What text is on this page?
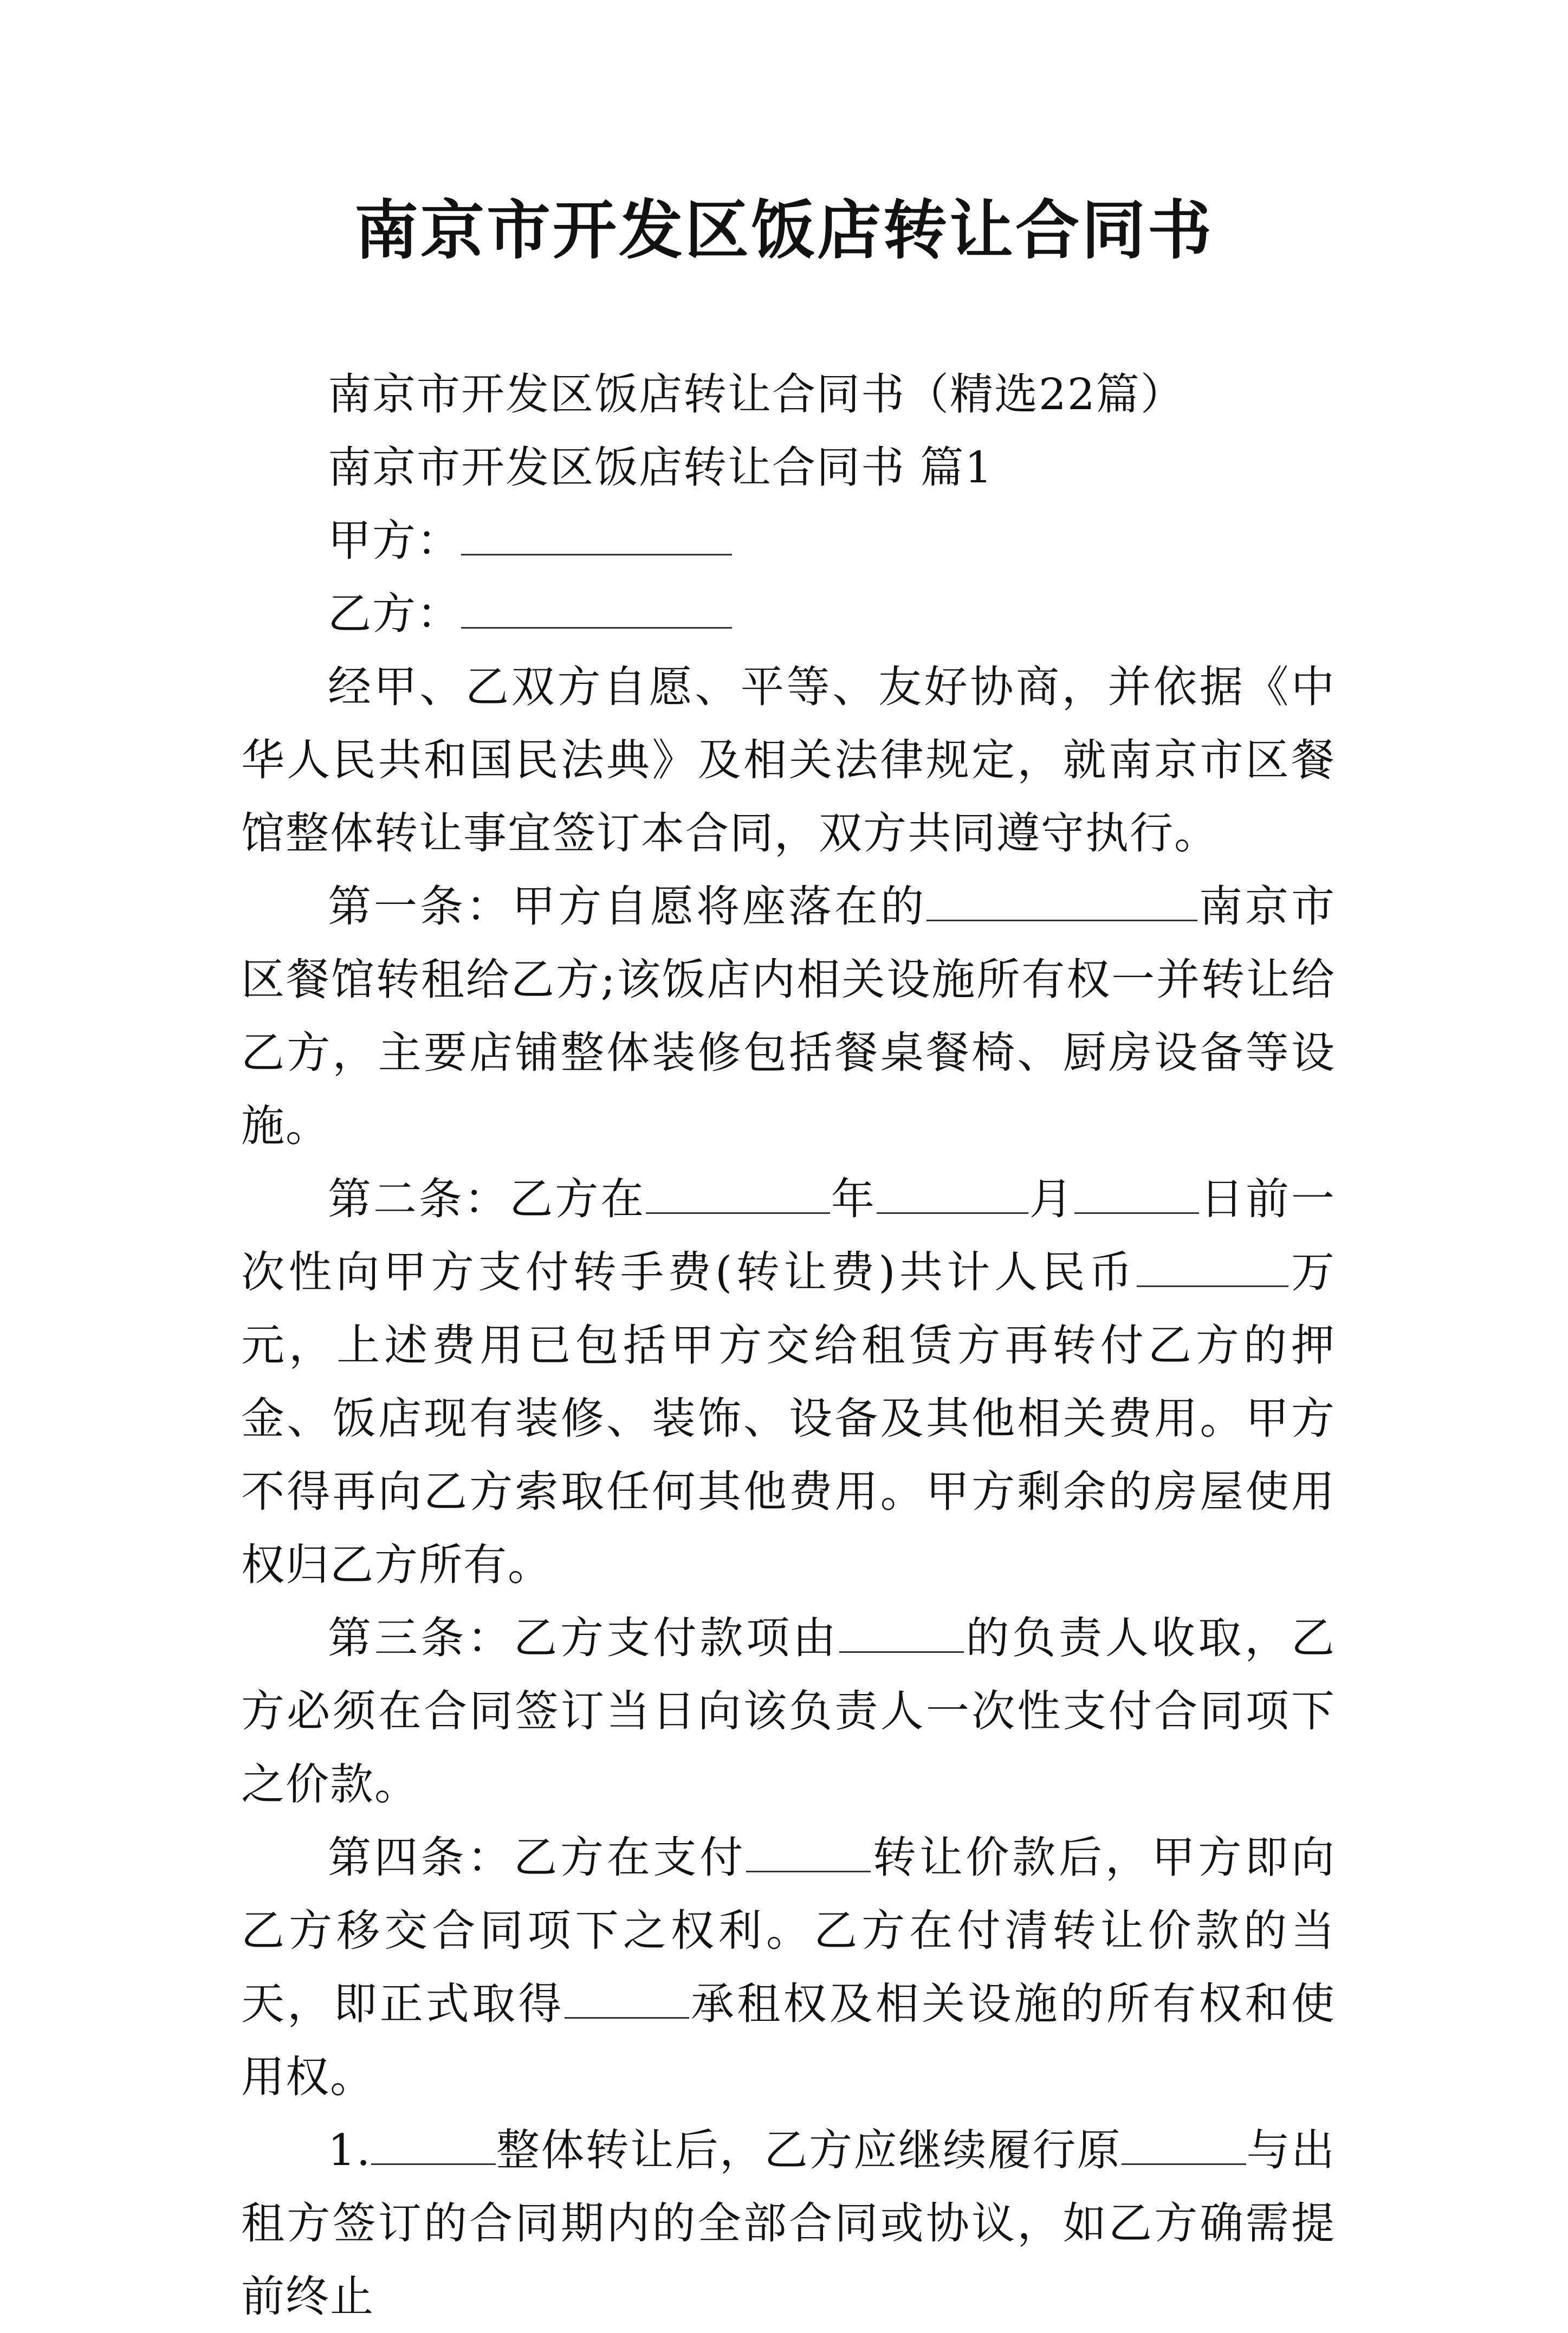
南京市开发区饭店转让合同书

南京市开发区饭店转让合同书（精选22篇）

南京市开发区饭店转让合同书 篇1

甲方：

乙方：

经甲、乙双方自愿、平等、友好协商，并依据《中华人民共和国民法典》及相关法律规定，就南京市区餐馆整体转让事宜签订本合同，双方共同遵守执行。

第一条：甲方自愿将座落在的	南京市区餐馆转租给乙方;该饭店内相关设施所有权一并转让给乙方，主要店铺整体装修包括餐桌餐椅、厨房设备等设施。

第二条：乙方在	年	月	日前一次性向甲方支付转手费(转让费)共计人民币	万元，上述费用已包括甲方交给租赁方再转付乙方的押金、饭店现有装修、装饰、设备及其他相关费用。甲方不得再向乙方索取任何其他费用。甲方剩余的房屋使用权归乙方所有。

第三条：乙方支付款项由	的负责人收取，乙方必须在合同签订当日向该负责人一次性支付合同项下之价款。

第四条：乙方在支付	转让价款后，甲方即向乙方移交合同项下之权利。乙方在付清转让价款的当天，即正式取得	承租权及相关设施的所有权和使用权。

1.	整体转让后，乙方应继续履行原	与出租方签订的合同期内的全部合同或协议，如乙方确需提前终止
